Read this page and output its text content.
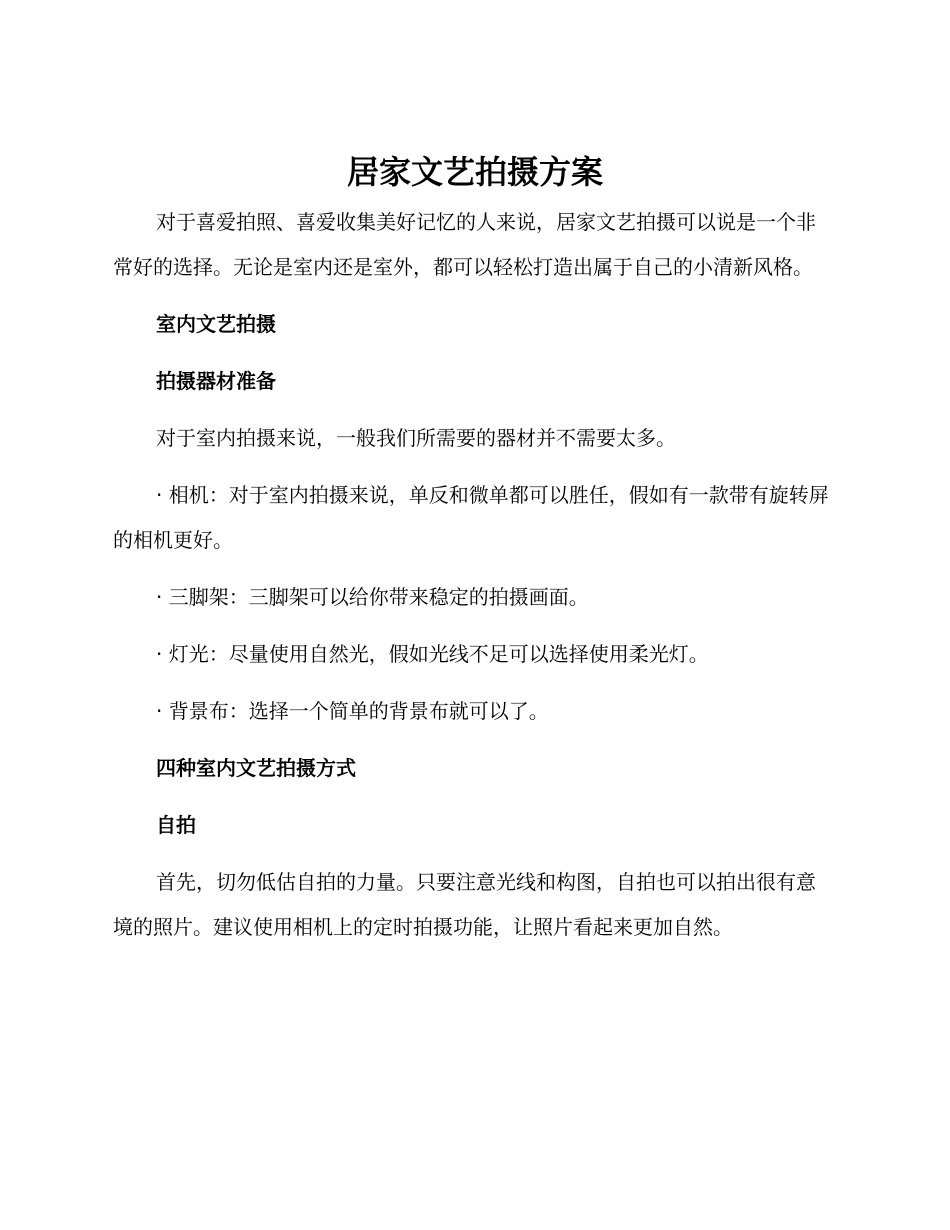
居家文艺拍摄方案

对于喜爱拍照、喜爱收集美好记忆的人来说，居家文艺拍摄可以说是一个非常好的选择。无论是室内还是室外，都可以轻松打造出属于自己的小清新风格。

室内文艺拍摄

拍摄器材准备

对于室内拍摄来说，一般我们所需要的器材并不需要太多。

· 相机：对于室内拍摄来说，单反和微单都可以胜任，假如有一款带有旋转屏的相机更好。

· 三脚架：三脚架可以给你带来稳定的拍摄画面。

· 灯光：尽量使用自然光，假如光线不足可以选择使用柔光灯。

· 背景布：选择一个简单的背景布就可以了。

四种室内文艺拍摄方式

自拍

首先，切勿低估自拍的力量。只要注意光线和构图，自拍也可以拍出很有意境的照片。建议使用相机上的定时拍摄功能，让照片看起来更加自然。
